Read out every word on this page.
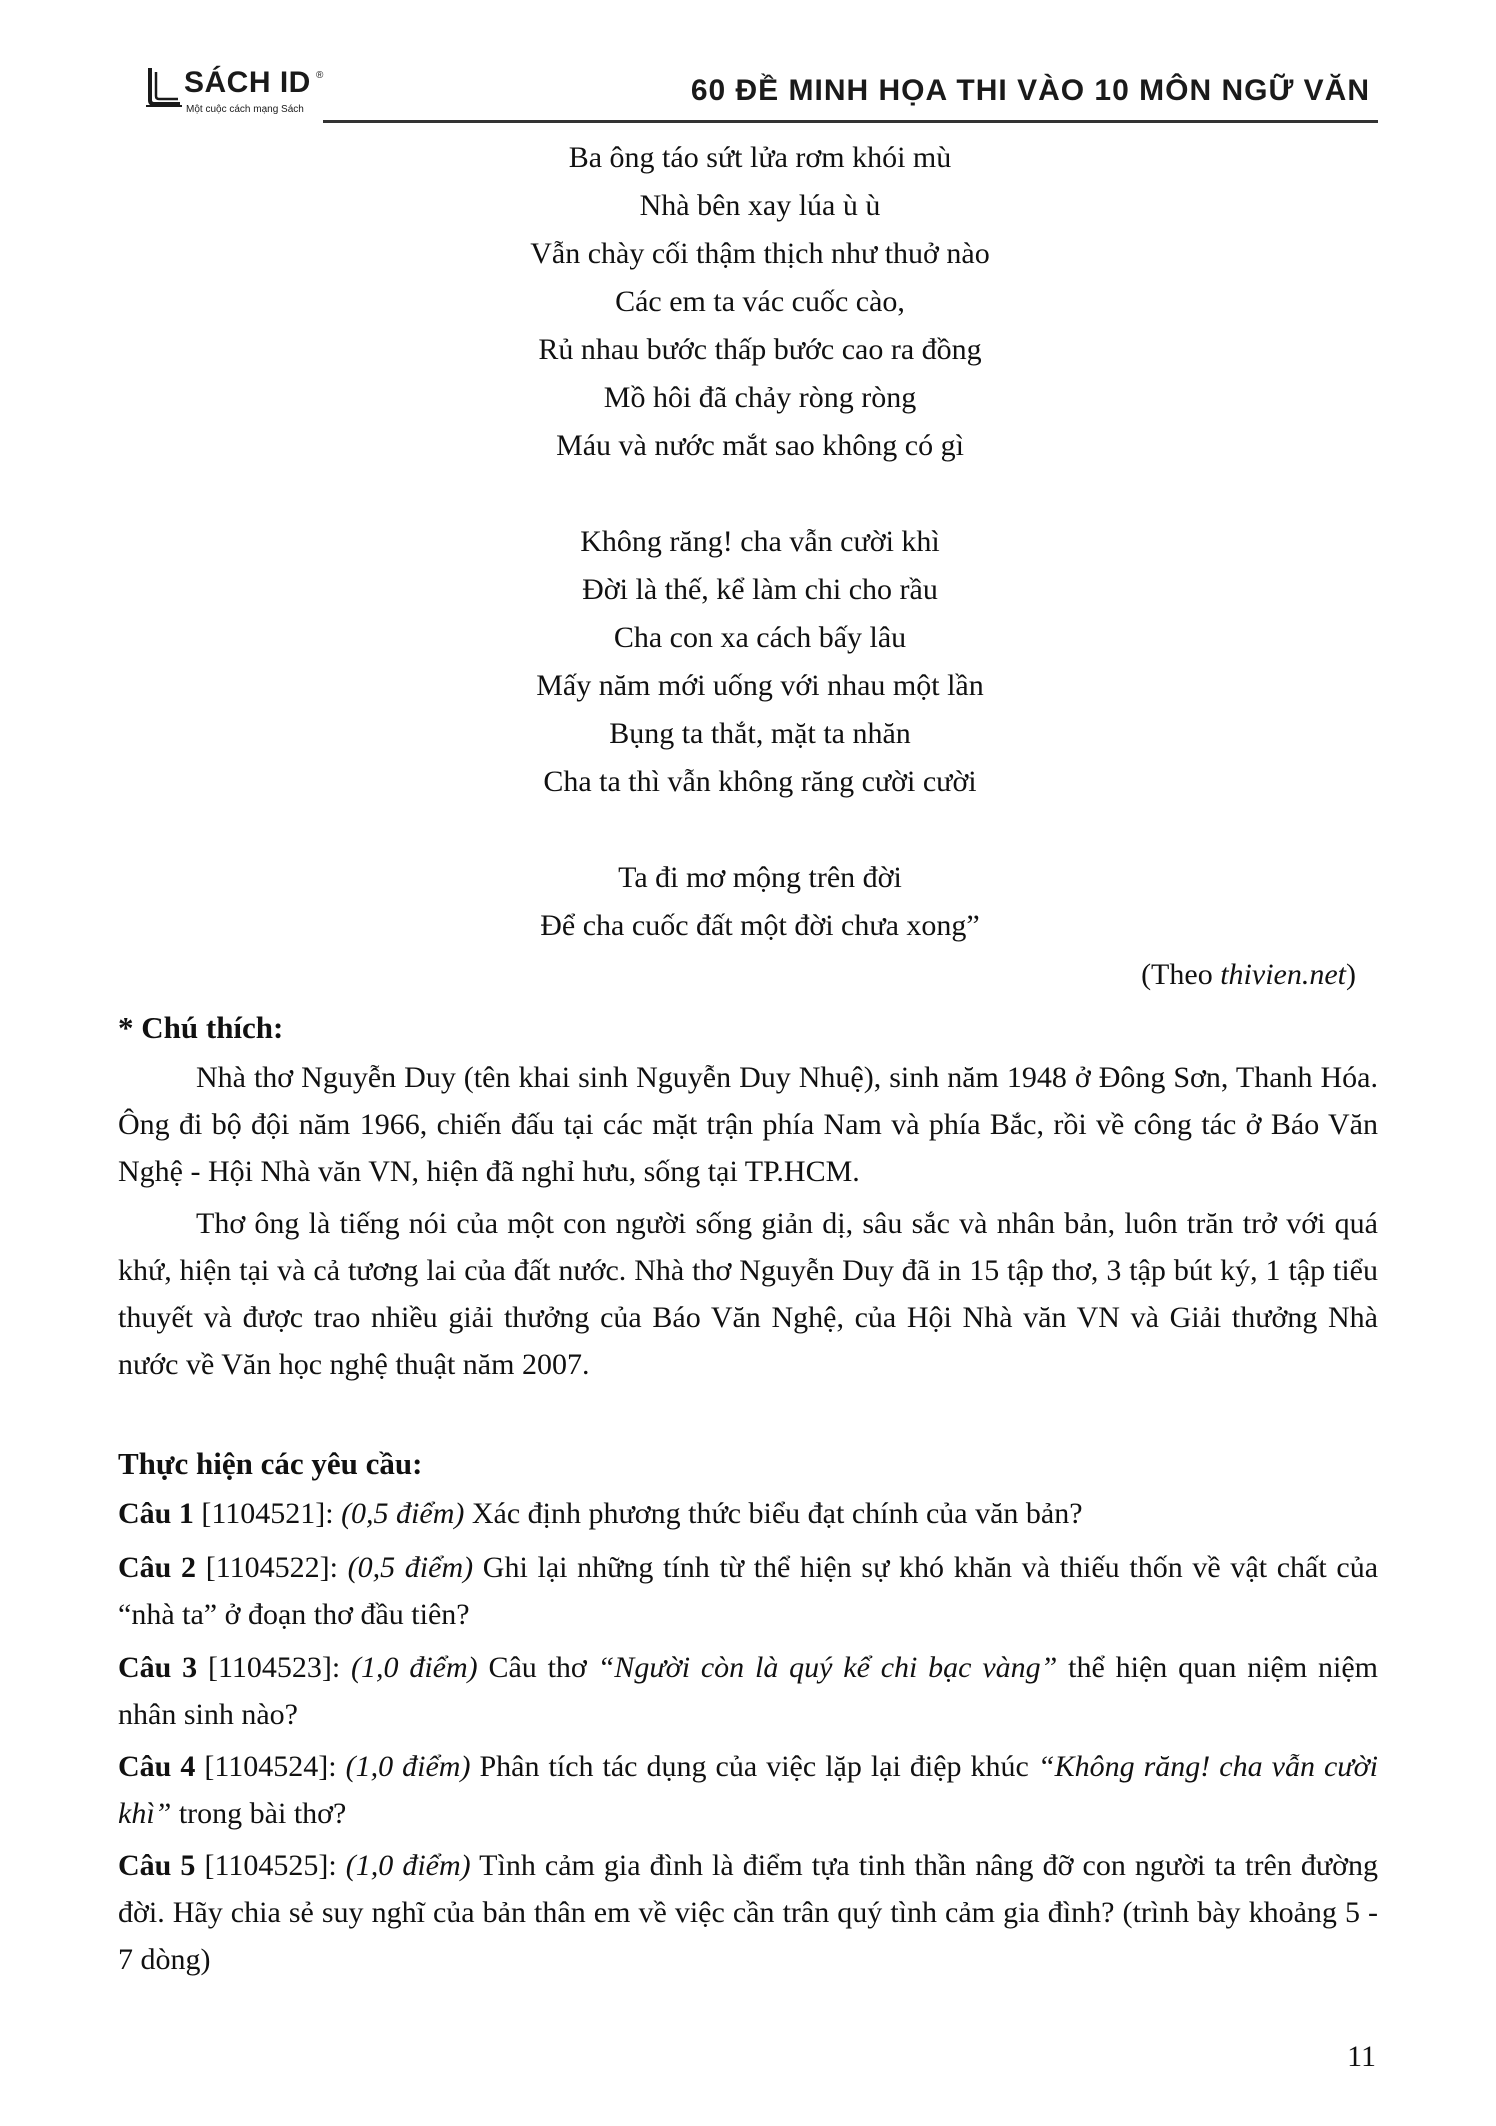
SÁCH ID ®
Một cuộc cách mạng Sách
60 ĐỀ MINH HỌA THI VÀO 10 MÔN NGỮ VĂN
Ba ông táo sứt lửa rơm khói mù
Nhà bên xay lúa ù ù
Vẫn chày cối thậm thịch như thuở nào
Các em ta vác cuốc cào,
Rủ nhau bước thấp bước cao ra đồng
Mồ hôi đã chảy ròng ròng
Máu và nước mắt sao không có gì
Không răng! cha vẫn cười khì
Đời là thế, kể làm chi cho rầu
Cha con xa cách bấy lâu
Mấy năm mới uống với nhau một lần
Bụng ta thắt, mặt ta nhăn
Cha ta thì vẫn không răng cười cười
Ta đi mơ mộng trên đời
Để cha cuốc đất một đời chưa xong”
(Theo thivien.net)
* Chú thích:
Nhà thơ Nguyễn Duy (tên khai sinh Nguyễn Duy Nhuệ), sinh năm 1948 ở Đông Sơn, Thanh Hóa. Ông đi bộ đội năm 1966, chiến đấu tại các mặt trận phía Nam và phía Bắc, rồi về công tác ở Báo Văn Nghệ - Hội Nhà văn VN, hiện đã nghỉ hưu, sống tại TP.HCM.
Thơ ông là tiếng nói của một con người sống giản dị, sâu sắc và nhân bản, luôn trăn trở với quá khứ, hiện tại và cả tương lai của đất nước. Nhà thơ Nguyễn Duy đã in 15 tập thơ, 3 tập bút ký, 1 tập tiểu thuyết và được trao nhiều giải thưởng của Báo Văn Nghệ, của Hội Nhà văn VN và Giải thưởng Nhà nước về Văn học nghệ thuật năm 2007.
Thực hiện các yêu cầu:
Câu 1 [1104521]: (0,5 điểm) Xác định phương thức biểu đạt chính của văn bản?
Câu 2 [1104522]: (0,5 điểm) Ghi lại những tính từ thể hiện sự khó khăn và thiếu thốn về vật chất của “nhà ta” ở đoạn thơ đầu tiên?
Câu 3 [1104523]: (1,0 điểm) Câu thơ “Người còn là quý kể chi bạc vàng” thể hiện quan niệm niệm nhân sinh nào?
Câu 4 [1104524]: (1,0 điểm) Phân tích tác dụng của việc lặp lại điệp khúc “Không răng! cha vẫn cười khì” trong bài thơ?
Câu 5 [1104525]: (1,0 điểm) Tình cảm gia đình là điểm tựa tinh thần nâng đỡ con người ta trên đường đời. Hãy chia sẻ suy nghĩ của bản thân em về việc cần trân quý tình cảm gia đình? (trình bày khoảng 5 - 7 dòng)
11
